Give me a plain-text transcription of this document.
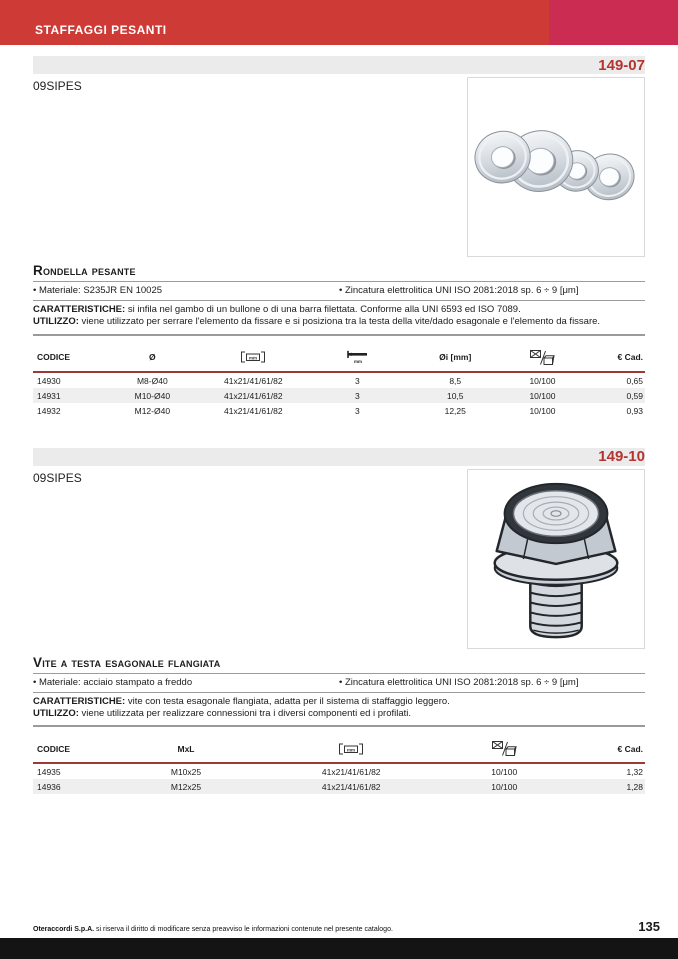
STAFFAGGI PESANTI
149-07
09SIPES
Rondella pesante
• Materiale: S235JR EN 10025	• Zincatura elettrolitica UNI ISO 2081:2018 sp. 6 ÷ 9 [μm]

CARATTERISTICHE: si infila nel gambo di un bullone o di una barra filettata. Conforme alla UNI 6593 ed ISO 7089.

UTILIZZO: viene utilizzato per serrare l'elemento da fissare e si posiziona tra la testa della vite/dado esagonale e l'elemento da fissare.

CODICE	Ø	mm	mm	Øi [mm]		€ Cad.
14930	M8-Ø40	41x21/41/61/82	3	8,5	10/100	0,65
14931	M10-Ø40	41x21/41/61/82	3	10,5	10/100	0,59
14932	M12-Ø40	41x21/41/61/82	3	12,25	10/100	0,93
149-10
09SIPES
Vite a testa esagonale flangiata
• Materiale: acciaio stampato a freddo	• Zincatura elettrolitica UNI ISO 2081:2018 sp. 6 ÷ 9 [μm]

CARATTERISTICHE: vite con testa esagonale flangiata, adatta per il sistema di staffaggio leggero.

UTILIZZO: viene utilizzata per realizzare connessioni tra i diversi componenti ed i profilati.

CODICE	MxL	mm		€ Cad.
14935	M10x25	41x21/41/61/82	10/100	1,32
14936	M12x25	41x21/41/61/82	10/100	1,28
Oteraccordi S.p.A. si riserva il diritto di modificare senza preavviso le informazioni contenute nel presente catalogo.	135
